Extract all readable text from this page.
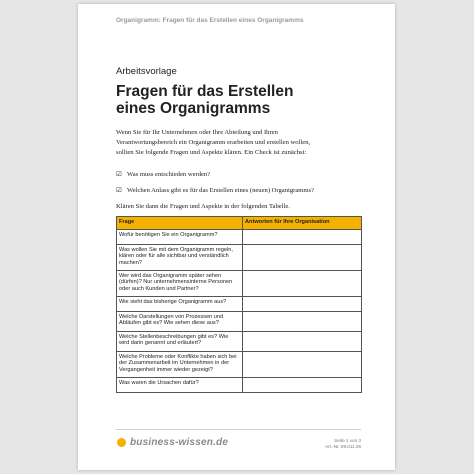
Organigramm: Fragen für das Erstellen eines Organigramms
Arbeitsvorlage
Fragen für das Erstellen
eines Organigramms
Wenn Sie für Ihr Unternehmen oder Ihre Abteilung und Ihren
Verantwortungsbereich ein Organigramm erarbeiten und erstellen wollen,
sollten Sie folgende Fragen und Aspekte klären. Ein Check ist zunächst:
☑ Was muss entschieden werden?
☑ Welchen Anlass gibt es für das Erstellen eines (neuen) Organigramms?
Klären Sie dann die Fragen und Aspekte in der folgenden Tabelle.
Frage	Antworten für Ihre Organisation

Wofür benötigen Sie ein Organigramm?	

Was wollen Sie mit dem Organigramm regeln,
klären oder für alle sichtbar und verständlich
machen?	

Wer wird das Organigramm später sehen
(dürfen)? Nur unternehmensinterne Personen
oder auch Kunden und Partner?	

Wie sieht das bisherige Organigramm aus?	

Welche Darstellungen von Prozessen und
Abläufen gibt es? Wie sehen diese aus?	

Welche Stellenbeschreibungen gibt es? Wie
wird darin genannt und erläutert?	

Welche Probleme oder Konflikte haben sich bei
der Zusammenarbeit im Unternehmen in der
Vergangenheit immer wieder gezeigt?	

Was waren die Ursachen dafür?	

business-wissen.de	Seite 1 von 3
Art.-Nr. 99.011.06
